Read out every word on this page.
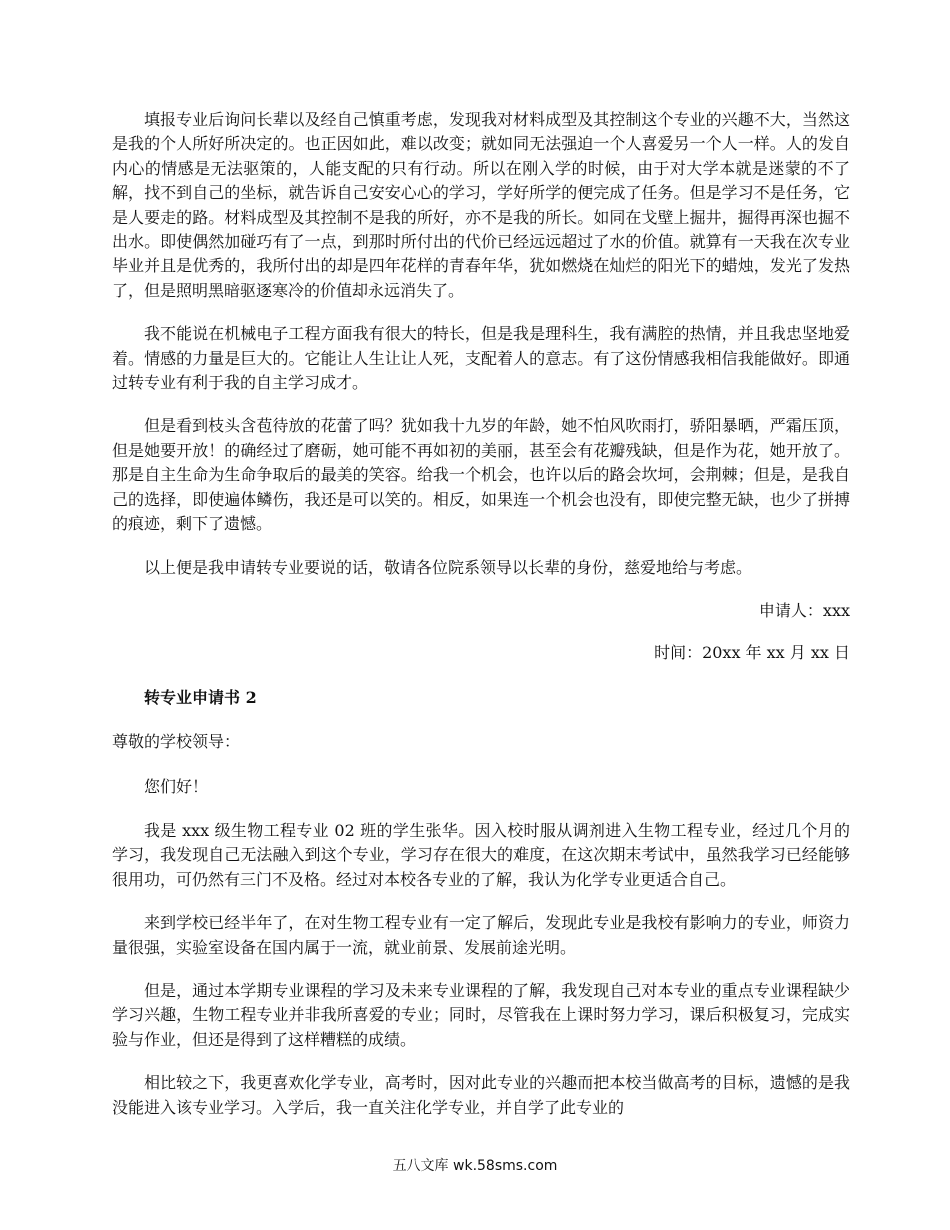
填报专业后询问长辈以及经自己慎重考虑，发现我对材料成型及其控制这个专业的兴趣不大，当然这是我的个人所好所决定的。也正因如此，难以改变；就如同无法强迫一个人喜爱另一个人一样。人的发自内心的情感是无法驱策的，人能支配的只有行动。所以在刚入学的时候，由于对大学本就是迷蒙的不了解，找不到自己的坐标，就告诉自己安安心心的学习，学好所学的便完成了任务。但是学习不是任务，它是人要走的路。材料成型及其控制不是我的所好，亦不是我的所长。如同在戈壁上掘井，掘得再深也掘不出水。即使偶然加碰巧有了一点，到那时所付出的代价已经远远超过了水的价值。就算有一天我在次专业毕业并且是优秀的，我所付出的却是四年花样的青春年华，犹如燃烧在灿烂的阳光下的蜡烛，发光了发热了，但是照明黑暗驱逐寒冷的价值却永远消失了。

我不能说在机械电子工程方面我有很大的特长，但是我是理科生，我有满腔的热情，并且我忠坚地爱着。情感的力量是巨大的。它能让人生让让人死，支配着人的意志。有了这份情感我相信我能做好。即通过转专业有利于我的自主学习成才。

但是看到枝头含苞待放的花蕾了吗？犹如我十九岁的年龄，她不怕风吹雨打，骄阳暴晒，严霜压顶，但是她要开放！的确经过了磨砺，她可能不再如初的美丽，甚至会有花瓣残缺，但是作为花，她开放了。那是自主生命为生命争取后的最美的笑容。给我一个机会，也许以后的路会坎坷，会荆棘；但是，是我自己的选择，即使遍体鳞伤，我还是可以笑的。相反，如果连一个机会也没有，即使完整无缺，也少了拼搏的痕迹，剩下了遗憾。

以上便是我申请转专业要说的话，敬请各位院系领导以长辈的身份，慈爱地给与考虑。

申请人：xxx

时间：20xx 年 xx 月 xx 日

转专业申请书 2

尊敬的学校领导：

您们好！

我是 xxx 级生物工程专业 02 班的学生张华。因入校时服从调剂进入生物工程专业，经过几个月的学习，我发现自己无法融入到这个专业，学习存在很大的难度，在这次期末考试中，虽然我学习已经能够很用功，可仍然有三门不及格。经过对本校各专业的了解，我认为化学专业更适合自己。

来到学校已经半年了，在对生物工程专业有一定了解后，发现此专业是我校有影响力的专业，师资力量很强，实验室设备在国内属于一流，就业前景、发展前途光明。

但是，通过本学期专业课程的学习及未来专业课程的了解，我发现自己对本专业的重点专业课程缺少学习兴趣，生物工程专业并非我所喜爱的专业；同时，尽管我在上课时努力学习，课后积极复习，完成实验与作业，但还是得到了这样糟糕的成绩。

相比较之下，我更喜欢化学专业，高考时，因对此专业的兴趣而把本校当做高考的目标，遗憾的是我没能进入该专业学习。入学后，我一直关注化学专业，并自学了此专业的

五八文库 wk.58sms.com
